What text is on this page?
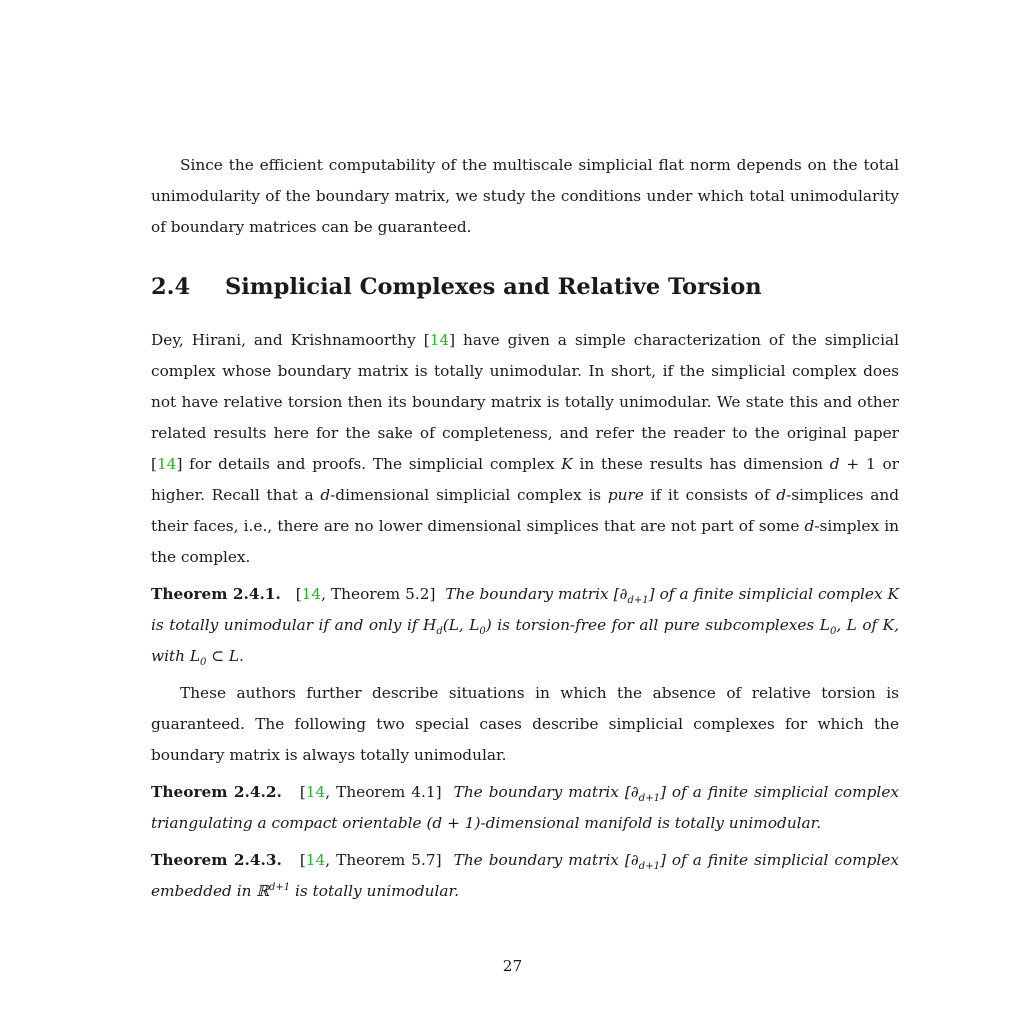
Since the efficient computability of the multiscale simplicial flat norm depends on the total unimodularity of the boundary matrix, we study the conditions under which total unimodularity of boundary matrices can be guaranteed.

2.4 Simplicial Complexes and Relative Torsion

Dey, Hirani, and Krishnamoorthy [14] have given a simple characterization of the simplicial complex whose boundary matrix is totally unimodular. In short, if the simplicial complex does not have relative torsion then its boundary matrix is totally unimodular. We state this and other related results here for the sake of completeness, and refer the reader to the original paper [14] for details and proofs. The simplicial complex K in these results has dimension d + 1 or higher. Recall that a d-dimensional simplicial complex is pure if it consists of d-simplices and their faces, i.e., there are no lower dimensional simplices that are not part of some d-simplex in the complex.

Theorem 2.4.1. [14, Theorem 5.2] The boundary matrix $[\partial_{d+1}]$ of a finite simplicial complex K is totally unimodular if and only if $H_d(L$, $L_0$) is torsion-free for all pure subcomplexes $L_0$, L of K, with $L_0$ ⊂ L.

These authors further describe situations in which the absence of relative torsion is guaranteed. The following two special cases describe simplicial complexes for which the boundary matrix is always totally unimodular.

Theorem 2.4.2. [14, Theorem 4.1] The boundary matrix $[\partial_{d+1}]$ of a finite simplicial complex triangulating a compact orientable (d + 1)-dimensional manifold is totally unimodular.
Theorem 2.4.3. [14, Theorem 5.7] The boundary matrix $[\partial_{d+1}]$ of a finite simplicial complex embedded in ℝ$^{d+1}$ is totally unimodular.
27
